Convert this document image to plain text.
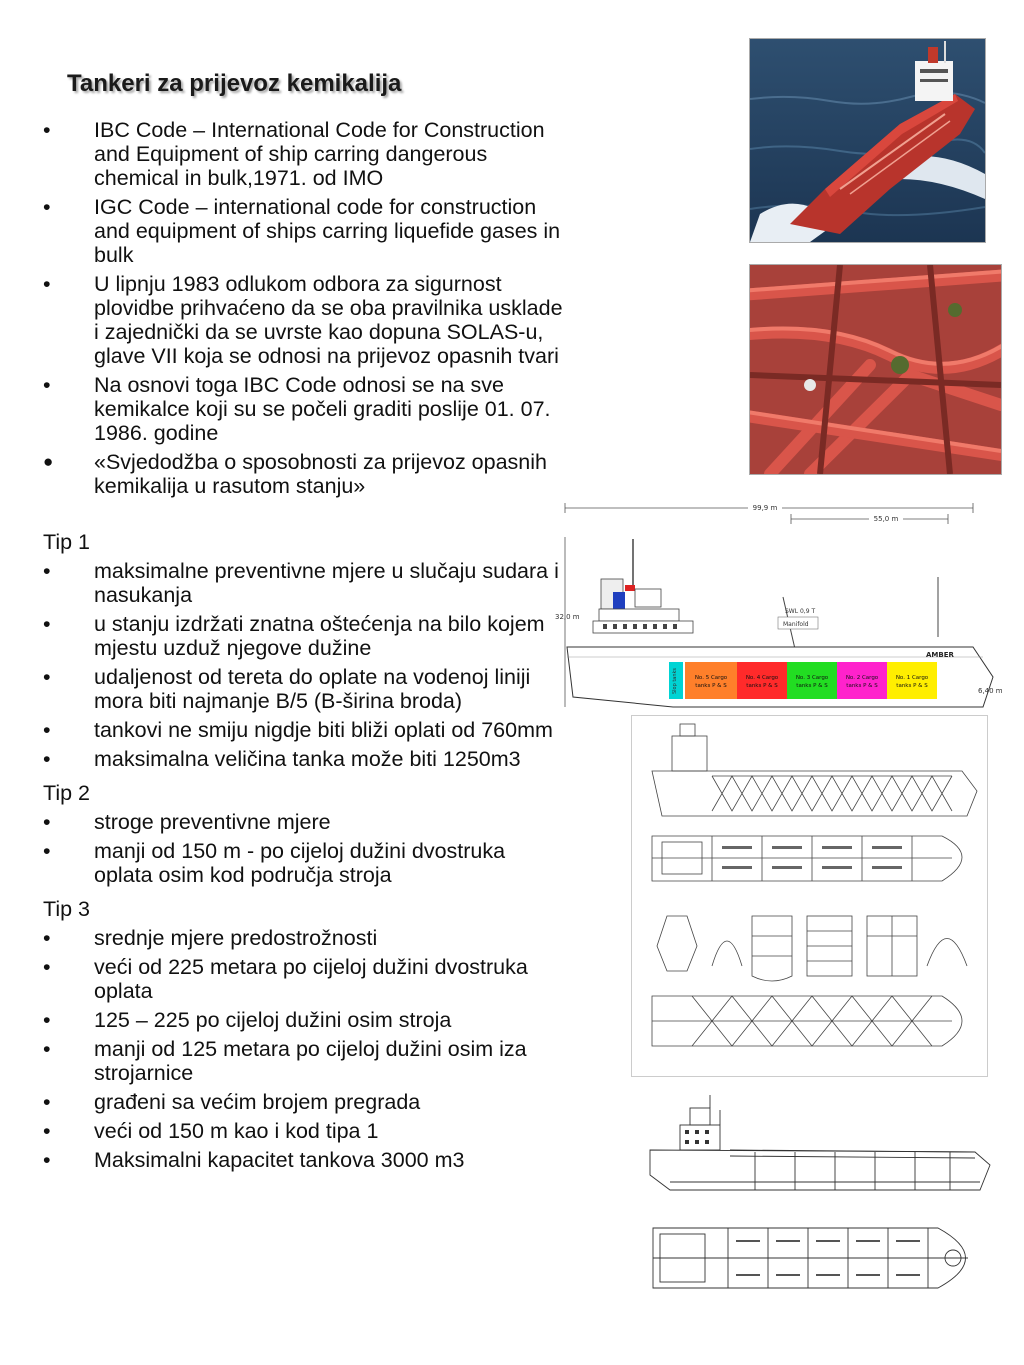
Tankeri za prijevoz kemikalija
• IBC Code – International Code for Construction and Equipment of ship carring dangerous chemical in bulk,1971. od IMO
• IGC Code – international code for construction and equipment of ships carring liquefide gases in bulk
• U lipnju 1983 odlukom odbora za sigurnost plovidbe prihvaćeno da se oba pravilnika usklade i zajednički da se uvrste kao dopuna SOLAS-u, glave VII koja se odnosi na prijevoz opasnih tvari
• Na osnovi toga IBC Code odnosi se na sve kemikalce koji su se počeli graditi poslije 01. 07. 1986. godine
● «Svjedodžba o sposobnosti za prijevoz opasnih kemikalija u rasutom stanju»
Tip 1
• maksimalne preventivne mjere u slučaju sudara i nasukanja
• u stanju izdržati znatna oštećenja na bilo kojem mjestu uzduž njegove dužine
• udaljenost od tereta do oplate na vodenoj liniji mora biti najmanje B/5 (B-širina broda)
• tankovi ne smiju nigdje biti bliži oplati od 760mm
• maksimalna veličina tanka može biti 1250m3
Tip 2
• stroge preventivne mjere
• manji od 150 m - po cijeloj dužini dvostruka oplata osim kod područja stroja
Tip 3
• srednje mjere predostrožnosti
• veći od 225 metara po cijeloj dužini dvostruka oplata
• 125 – 225 po cijeloj dužini osim stroja
• manji od 125 metara po cijeloj dužini osim iza strojarnice
• građeni sa većim brojem pregrada
• veći od 150 m kao i kod tipa 1
• Maksimalni kapacitet tankova 3000 m3
99,9 m
55,0 m
32,0 m
Manifold
SWL 0,9 T
AMBER
6,40 m
Slop tanks	No. 5 Cargo
tanks P & S
No. 4 Cargo
tanks P & S
No. 3 Cargo
tanks P & S
No. 2 Cargo
tanks P & S
No. 1 Cargo
tanks P & S
